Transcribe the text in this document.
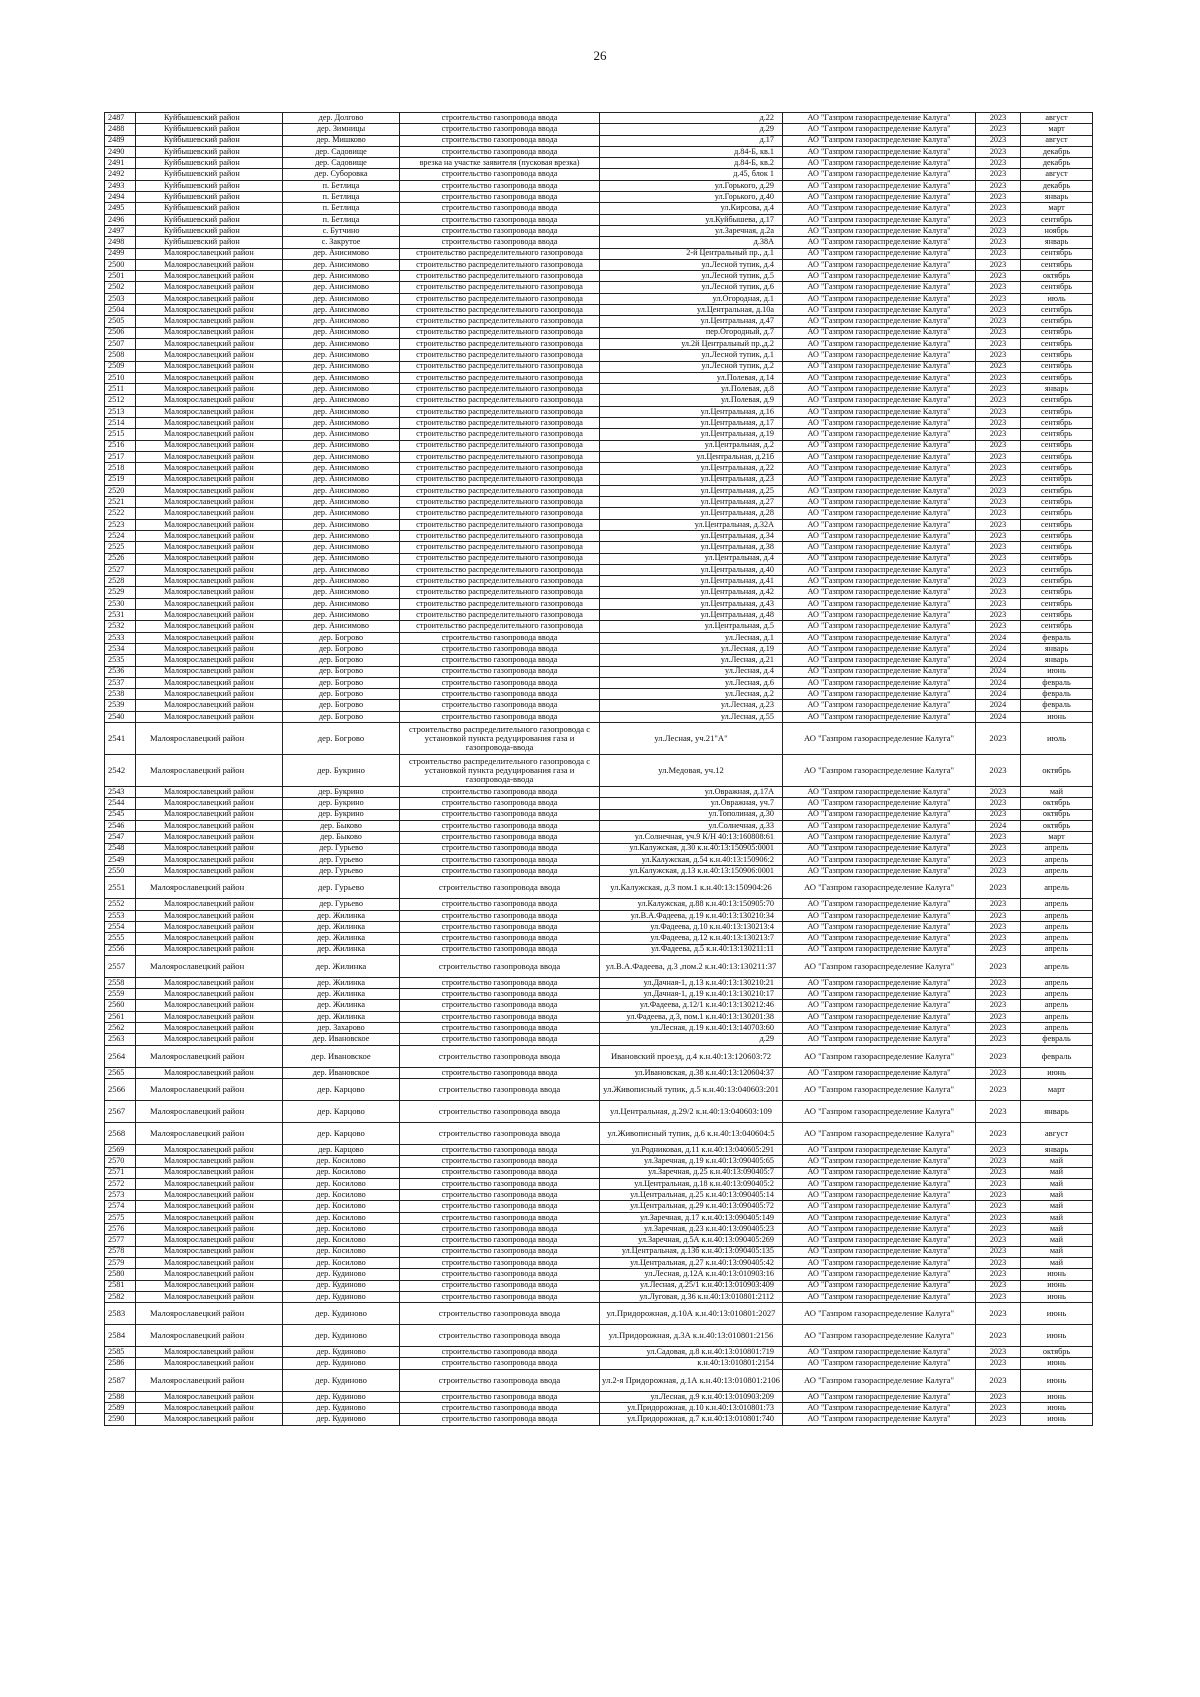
26
2487	Куйбышевский район	дер. Долгово	строительство газопровода ввода	д.22	АО "Газпром газораспределение Калуга"	2023	август
2488	Куйбышевский район	дер. Зимницы	строительство газопровода ввода	д.29	АО "Газпром газораспределение Калуга"	2023	март
2489	Куйбышевский район	дер. Мишково	строительство газопровода ввода	д.17	АО "Газпром газораспределение Калуга"	2023	август
2490	Куйбышевский район	дер. Садовище	строительство газопровода ввода	д.84-Б, кв.1	АО "Газпром газораспределение Калуга"	2023	декабрь
2491	Куйбышевский район	дер. Садовище	врезка на участке заявителя (пусковая врезка)	д.84-Б, кв.2	АО "Газпром газораспределение Калуга"	2023	декабрь
2492	Куйбышевский район	дер. Суборовка	строительство газопровода ввода	д.45, блок 1	АО "Газпром газораспределение Калуга"	2023	август
2493	Куйбышевский район	п. Бетлица	строительство газопровода ввода	ул.Горького, д.29	АО "Газпром газораспределение Калуга"	2023	декабрь
2494	Куйбышевский район	п. Бетлица	строительство газопровода ввода	ул.Горького, д.40	АО "Газпром газораспределение Калуга"	2023	январь
2495	Куйбышевский район	п. Бетлица	строительство газопровода ввода	ул.Кирсова, д.4	АО "Газпром газораспределение Калуга"	2023	март
2496	Куйбышевский район	п. Бетлица	строительство газопровода ввода	ул.Куйбышева, д.17	АО "Газпром газораспределение Калуга"	2023	сентябрь
2497	Куйбышевский район	с. Бутчино	строительство газопровода ввода	ул.Заречная, д.2а	АО "Газпром газораспределение Калуга"	2023	ноябрь
2498	Куйбышевский район	с. Закрутое	строительство газопровода ввода	д.38А	АО "Газпром газораспределение Калуга"	2023	январь
2499	Малоярославецкий район	дер. Анисимово	строительство распределительного газопровода	2-й Центральный пр., д.1	АО "Газпром газораспределение Калуга"	2023	сентябрь
2500	Малоярославецкий район	дер. Анисимово	строительство распределительного газопровода	ул.Лесной тупик, д.4	АО "Газпром газораспределение Калуга"	2023	сентябрь
2501	Малоярославецкий район	дер. Анисимово	строительство распределительного газопровода	ул.Лесной тупик, д.5	АО "Газпром газораспределение Калуга"	2023	октябрь
2502	Малоярославецкий район	дер. Анисимово	строительство распределительного газопровода	ул.Лесной тупик, д.6	АО "Газпром газораспределение Калуга"	2023	сентябрь
2503	Малоярославецкий район	дер. Анисимово	строительство распределительного газопровода	ул.Огородная, д.1	АО "Газпром газораспределение Калуга"	2023	июль
2504	Малоярославецкий район	дер. Анисимово	строительство распределительного газопровода	ул.Центральная, д.10а	АО "Газпром газораспределение Калуга"	2023	сентябрь
2505	Малоярославецкий район	дер. Анисимово	строительство распределительного газопровода	ул.Центральная, д.47	АО "Газпром газораспределение Калуга"	2023	сентябрь
2506	Малоярославецкий район	дер. Анисимово	строительство распределительного газопровода	пер.Огородный, д.7	АО "Газпром газораспределение Калуга"	2023	сентябрь
2507	Малоярославецкий район	дер. Анисимово	строительство распределительного газопровода	ул.2й Центральный пр.,д.2	АО "Газпром газораспределение Калуга"	2023	сентябрь
2508	Малоярославецкий район	дер. Анисимово	строительство распределительного газопровода	ул.Лесной тупик, д.1	АО "Газпром газораспределение Калуга"	2023	сентябрь
2509	Малоярославецкий район	дер. Анисимово	строительство распределительного газопровода	ул.Лесной тупик, д.2	АО "Газпром газораспределение Калуга"	2023	сентябрь
2510	Малоярославецкий район	дер. Анисимово	строительство распределительного газопровода	ул.Полевая, д.14	АО "Газпром газораспределение Калуга"	2023	сентябрь
2511	Малоярославецкий район	дер. Анисимово	строительство распределительного газопровода	ул.Полевая, д.8	АО "Газпром газораспределение Калуга"	2023	январь
2512	Малоярославецкий район	дер. Анисимово	строительство распределительного газопровода	ул.Полевая, д.9	АО "Газпром газораспределение Калуга"	2023	сентябрь
2513	Малоярославецкий район	дер. Анисимово	строительство распределительного газопровода	ул.Центральная, д.16	АО "Газпром газораспределение Калуга"	2023	сентябрь
2514	Малоярославецкий район	дер. Анисимово	строительство распределительного газопровода	ул.Центральная, д.17	АО "Газпром газораспределение Калуга"	2023	сентябрь
2515	Малоярославецкий район	дер. Анисимово	строительство распределительного газопровода	ул.Центральная, д.19	АО "Газпром газораспределение Калуга"	2023	сентябрь
2516	Малоярославецкий район	дер. Анисимово	строительство распределительного газопровода	ул.Центральная, д.2	АО "Газпром газораспределение Калуга"	2023	сентябрь
2517	Малоярославецкий район	дер. Анисимово	строительство распределительного газопровода	ул.Центральная, д.21б	АО "Газпром газораспределение Калуга"	2023	сентябрь
2518	Малоярославецкий район	дер. Анисимово	строительство распределительного газопровода	ул.Центральная, д.22	АО "Газпром газораспределение Калуга"	2023	сентябрь
2519	Малоярославецкий район	дер. Анисимово	строительство распределительного газопровода	ул.Центральная, д.23	АО "Газпром газораспределение Калуга"	2023	сентябрь
2520	Малоярославецкий район	дер. Анисимово	строительство распределительного газопровода	ул.Центральная, д.25	АО "Газпром газораспределение Калуга"	2023	сентябрь
2521	Малоярославецкий район	дер. Анисимово	строительство распределительного газопровода	ул.Центральная, д.27	АО "Газпром газораспределение Калуга"	2023	сентябрь
2522	Малоярославецкий район	дер. Анисимово	строительство распределительного газопровода	ул.Центральная, д.28	АО "Газпром газораспределение Калуга"	2023	сентябрь
2523	Малоярославецкий район	дер. Анисимово	строительство распределительного газопровода	ул.Центральная, д.32А	АО "Газпром газораспределение Калуга"	2023	сентябрь
2524	Малоярославецкий район	дер. Анисимово	строительство распределительного газопровода	ул.Центральная, д.34	АО "Газпром газораспределение Калуга"	2023	сентябрь
2525	Малоярославецкий район	дер. Анисимово	строительство распределительного газопровода	ул.Центральная, д.38	АО "Газпром газораспределение Калуга"	2023	сентябрь
2526	Малоярославецкий район	дер. Анисимово	строительство распределительного газопровода	ул.Центральная, д.4	АО "Газпром газораспределение Калуга"	2023	сентябрь
2527	Малоярославецкий район	дер. Анисимово	строительство распределительного газопровода	ул.Центральная, д.40	АО "Газпром газораспределение Калуга"	2023	сентябрь
2528	Малоярославецкий район	дер. Анисимово	строительство распределительного газопровода	ул.Центральная, д.41	АО "Газпром газораспределение Калуга"	2023	сентябрь
2529	Малоярославецкий район	дер. Анисимово	строительство распределительного газопровода	ул.Центральная, д.42	АО "Газпром газораспределение Калуга"	2023	сентябрь
2530	Малоярославецкий район	дер. Анисимово	строительство распределительного газопровода	ул.Центральная, д.43	АО "Газпром газораспределение Калуга"	2023	сентябрь
2531	Малоярославецкий район	дер. Анисимово	строительство распределительного газопровода	ул.Центральная, д.48	АО "Газпром газораспределение Калуга"	2023	сентябрь
2532	Малоярославецкий район	дер. Анисимово	строительство распределительного газопровода	ул.Центральная, д.5	АО "Газпром газораспределение Калуга"	2023	сентябрь
2533	Малоярославецкий район	дер. Богрово	строительство газопровода ввода	ул.Лесная, д.1	АО "Газпром газораспределение Калуга"	2024	февраль
2534	Малоярославецкий район	дер. Богрово	строительство газопровода ввода	ул.Лесная, д.19	АО "Газпром газораспределение Калуга"	2024	январь
2535	Малоярославецкий район	дер. Богрово	строительство газопровода ввода	ул.Лесная, д.21	АО "Газпром газораспределение Калуга"	2024	январь
2536	Малоярославецкий район	дер. Богрово	строительство газопровода ввода	ул.Лесная, д.4	АО "Газпром газораспределение Калуга"	2024	июнь
2537	Малоярославецкий район	дер. Богрово	строительство газопровода ввода	ул.Лесная, д.6	АО "Газпром газораспределение Калуга"	2024	февраль
2538	Малоярославецкий район	дер. Богрово	строительство газопровода ввода	ул.Лесная, д.2	АО "Газпром газораспределение Калуга"	2024	февраль
2539	Малоярославецкий район	дер. Богрово	строительство газопровода ввода	ул.Лесная, д.23	АО "Газпром газораспределение Калуга"	2024	февраль
2540	Малоярославецкий район	дер. Богрово	строительство газопровода ввода	ул.Лесная, д.55	АО "Газпром газораспределение Калуга"	2024	июнь
2541	Малоярославецкий район	дер. Богрово	строительство распределительного газопровода с установкой пункта редуцирования газа и газопровода-ввода	ул.Лесная, уч.21"А"	АО "Газпром газораспределение Калуга"	2023	июль
2542	Малоярославецкий район	дер. Букрино	строительство распределительного газопровода с установкой пункта редуцирования газа и газопровода-ввода	ул.Медовая, уч.12	АО "Газпром газораспределение Калуга"	2023	октябрь
2543	Малоярославецкий район	дер. Букрино	строительство газопровода ввода	ул.Овражная, д.17А	АО "Газпром газораспределение Калуга"	2023	май
2544	Малоярославецкий район	дер. Букрино	строительство газопровода ввода	ул.Овражная, уч.7	АО "Газпром газораспределение Калуга"	2023	октябрь
2545	Малоярославецкий район	дер. Букрино	строительство газопровода ввода	ул.Тополиная, д.30	АО "Газпром газораспределение Калуга"	2023	октябрь
2546	Малоярославецкий район	дер. Быково	строительство газопровода ввода	ул.Солнечная, д.33	АО "Газпром газораспределение Калуга"	2024	октябрь
2547	Малоярославецкий район	дер. Быково	строительство газопровода ввода	ул.Солнечная, уч.9 К/Н 40:13:160808:61	АО "Газпром газораспределение Калуга"	2023	март
2548	Малоярославецкий район	дер. Гурьево	строительство газопровода ввода	ул.Калужская, д.30 к.н.40:13:150905:0001	АО "Газпром газораспределение Калуга"	2023	апрель
2549	Малоярославецкий район	дер. Гурьево	строительство газопровода ввода	ул.Калужская, д.54 к.н.40:13:150906:2	АО "Газпром газораспределение Калуга"	2023	апрель
2550	Малоярославецкий район	дер. Гурьево	строительство газопровода ввода	ул.Калужская, д.13 к.н.40:13:150906:0001	АО "Газпром газораспределение Калуга"	2023	апрель
2551	Малоярославецкий район	дер. Гурьево	строительство газопровода ввода	ул.Калужская, д.3 пом.1 к.н.40:13:150904:26	АО "Газпром газораспределение Калуга"	2023	апрель
2552	Малоярославецкий район	дер. Гурьево	строительство газопровода ввода	ул.Калужская, д.88 к.н.40:13:150905:70	АО "Газпром газораспределение Калуга"	2023	апрель
2553	Малоярославецкий район	дер. Жилинка	строительство газопровода ввода	ул.В.А.Фадеева, д.19 к.н.40:13:130210:34	АО "Газпром газораспределение Калуга"	2023	апрель
2554	Малоярославецкий район	дер. Жилинка	строительство газопровода ввода	ул.Фадеева, д.10 к.н.40:13:130213:4	АО "Газпром газораспределение Калуга"	2023	апрель
2555	Малоярославецкий район	дер. Жилинка	строительство газопровода ввода	ул.Фадеева, д.12 к.н.40:13:130213:7	АО "Газпром газораспределение Калуга"	2023	апрель
2556	Малоярославецкий район	дер. Жилинка	строительство газопровода ввода	ул.Фадеева, д.5 к.н.40:13:130211:11	АО "Газпром газораспределение Калуга"	2023	апрель
2557	Малоярославецкий район	дер. Жилинка	строительство газопровода ввода	ул.В.А.Фадеева, д.3 ,пом.2 к.н.40:13:130211:37	АО "Газпром газораспределение Калуга"	2023	апрель
2558	Малоярославецкий район	дер. Жилинка	строительство газопровода ввода	ул.Дачная-1, д.13 к.н.40:13:130210:21	АО "Газпром газораспределение Калуга"	2023	апрель
2559	Малоярославецкий район	дер. Жилинка	строительство газопровода ввода	ул.Дачная-1, д.19 к.н.40:13:130210:17	АО "Газпром газораспределение Калуга"	2023	апрель
2560	Малоярославецкий район	дер. Жилинка	строительство газопровода ввода	ул.Фадеева, д.12/1 к.н.40:13:130212:46	АО "Газпром газораспределение Калуга"	2023	апрель
2561	Малоярославецкий район	дер. Жилинка	строительство газопровода ввода	ул.Фадеева, д.3, пом.1 к.н.40:13:130201:38	АО "Газпром газораспределение Калуга"	2023	апрель
2562	Малоярославецкий район	дер. Захарово	строительство газопровода ввода	ул.Лесная, д.19 к.н.40:13:140703:60	АО "Газпром газораспределение Калуга"	2023	апрель
2563	Малоярославецкий район	дер. Ивановское	строительство газопровода ввода	д.29	АО "Газпром газораспределение Калуга"	2023	февраль
2564	Малоярославецкий район	дер. Ивановское	строительство газопровода ввода	Ивановский проезд, д.4 к.н.40:13:120603:72	АО "Газпром газораспределение Калуга"	2023	февраль
2565	Малоярославецкий район	дер. Ивановское	строительство газопровода ввода	ул.Ивановская, д.38 к.н.40:13:120604:37	АО "Газпром газораспределение Калуга"	2023	июнь
2566	Малоярославецкий район	дер. Карцово	строительство газопровода ввода	ул.Живописный тупик, д.5 к.н.40:13:040603:201	АО "Газпром газораспределение Калуга"	2023	март
2567	Малоярославецкий район	дер. Карцово	строительство газопровода ввода	ул.Центральная, д.29/2 к.н.40:13:040603:109	АО "Газпром газораспределение Калуга"	2023	январь
2568	Малоярославецкий район	дер. Карцово	строительство газопровода ввода	ул.Живописный тупик, д.6 к.н.40:13:040604:5	АО "Газпром газораспределение Калуга"	2023	август
2569	Малоярославецкий район	дер. Карцово	строительство газопровода ввода	ул.Родниковая, д.11 к.н.40:13:040605:291	АО "Газпром газораспределение Калуга"	2023	январь
2570	Малоярославецкий район	дер. Косилово	строительство газопровода ввода	ул.Заречная, д.19 к.н.40:13:090405:65	АО "Газпром газораспределение Калуга"	2023	май
2571	Малоярославецкий район	дер. Косилово	строительство газопровода ввода	ул.Заречная, д.25 к.н.40:13:090405:7	АО "Газпром газораспределение Калуга"	2023	май
2572	Малоярославецкий район	дер. Косилово	строительство газопровода ввода	ул.Центральная, д.18 к.н.40:13:090405:2	АО "Газпром газораспределение Калуга"	2023	май
2573	Малоярославецкий район	дер. Косилово	строительство газопровода ввода	ул.Центральная, д.25 к.н.40:13:090405:14	АО "Газпром газораспределение Калуга"	2023	май
2574	Малоярославецкий район	дер. Косилово	строительство газопровода ввода	ул.Центральная, д.29 к.н.40:13:090405:72	АО "Газпром газораспределение Калуга"	2023	май
2575	Малоярославецкий район	дер. Косилово	строительство газопровода ввода	ул.Заречная, д.17 к.н.40:13:090405:149	АО "Газпром газораспределение Калуга"	2023	май
2576	Малоярославецкий район	дер. Косилово	строительство газопровода ввода	ул.Заречная, д.23 к.н.40:13:090405:23	АО "Газпром газораспределение Калуга"	2023	май
2577	Малоярославецкий район	дер. Косилово	строительство газопровода ввода	ул.Заречная, д.5А к.н.40:13:090405:269	АО "Газпром газораспределение Калуга"	2023	май
2578	Малоярославецкий район	дер. Косилово	строительство газопровода ввода	ул.Центральная, д.13б к.н.40:13:090405:135	АО "Газпром газораспределение Калуга"	2023	май
2579	Малоярославецкий район	дер. Косилово	строительство газопровода ввода	ул.Центральная, д.27 к.н.40:13:090405:42	АО "Газпром газораспределение Калуга"	2023	май
2580	Малоярославецкий район	дер. Кудиново	строительство газопровода ввода	ул.Лесная, д.12А к.н.40:13:010903:16	АО "Газпром газораспределение Калуга"	2023	июнь
2581	Малоярославецкий район	дер. Кудиново	строительство газопровода ввода	ул.Лесная, д.25/1 к.н.40:13:010903:409	АО "Газпром газораспределение Калуга"	2023	июнь
2582	Малоярославецкий район	дер. Кудиново	строительство газопровода ввода	ул.Луговая, д.36 к.н.40:13:010801:2112	АО "Газпром газораспределение Калуга"	2023	июнь
2583	Малоярославецкий район	дер. Кудиново	строительство газопровода ввода	ул.Придорожная, д.10А к.н.40:13:010801:2027	АО "Газпром газораспределение Калуга"	2023	июнь
2584	Малоярославецкий район	дер. Кудиново	строительство газопровода ввода	ул.Придорожная, д.3А к.н.40:13:010801:2156	АО "Газпром газораспределение Калуга"	2023	июнь
2585	Малоярославецкий район	дер. Кудиново	строительство газопровода ввода	ул.Садовая, д.8 к.н.40:13:010801:719	АО "Газпром газораспределение Калуга"	2023	октябрь
2586	Малоярославецкий район	дер. Кудиново	строительство газопровода ввода	к.н.40:13:010801:2154	АО "Газпром газораспределение Калуга"	2023	июнь
2587	Малоярославецкий район	дер. Кудиново	строительство газопровода ввода	ул.2-я Придорожная, д.1А к.н.40:13:010801:2106	АО "Газпром газораспределение Калуга"	2023	июнь
2588	Малоярославецкий район	дер. Кудиново	строительство газопровода ввода	ул.Лесная, д.9 к.н.40:13:010903:209	АО "Газпром газораспределение Калуга"	2023	июнь
2589	Малоярославецкий район	дер. Кудиново	строительство газопровода ввода	ул.Придорожная, д.10 к.н.40:13:010801:73	АО "Газпром газораспределение Калуга"	2023	июнь
2590	Малоярославецкий район	дер. Кудиново	строительство газопровода ввода	ул.Придорожная, д.7 к.н.40:13:010801:740	АО "Газпром газораспределение Калуга"	2023	июнь
